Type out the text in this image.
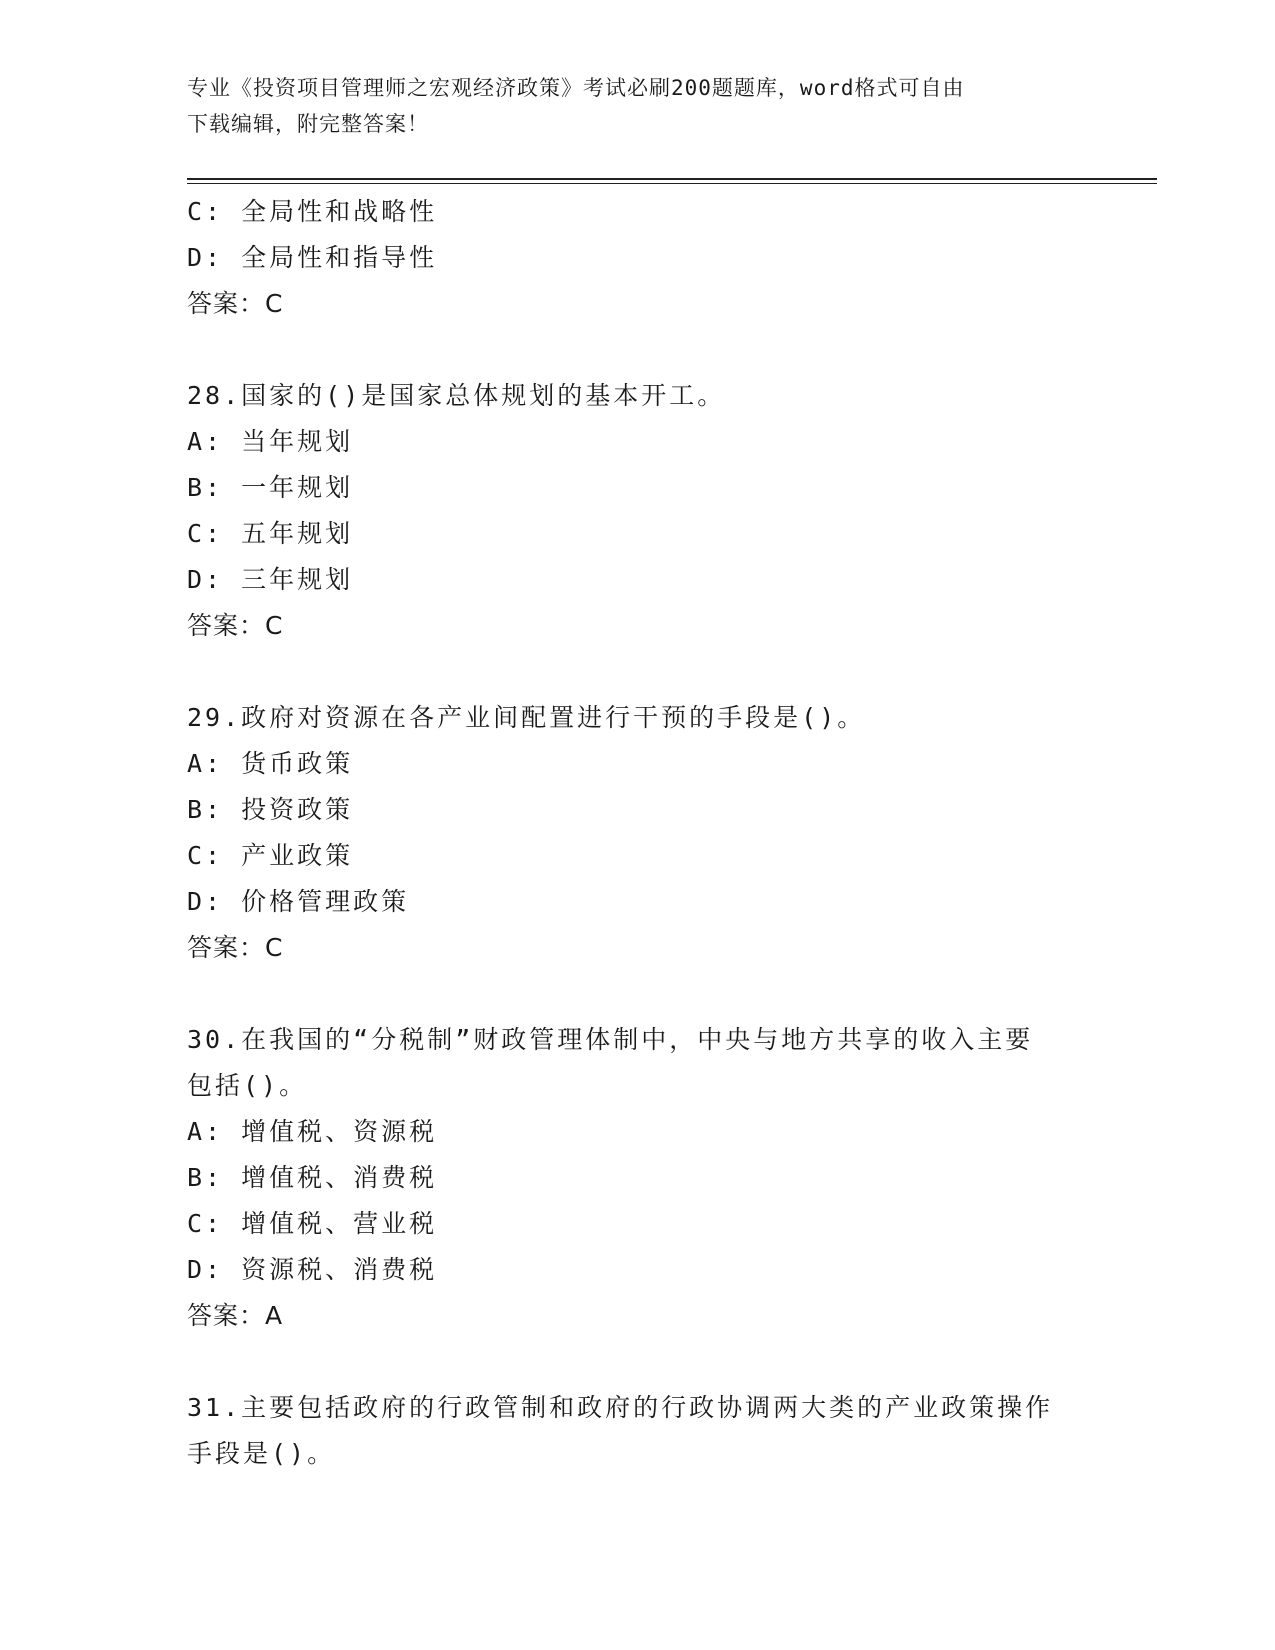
专业《投资项目管理师之宏观经济政策》考试必刷200题题库，word格式可自由
下载编辑，附完整答案！
C: 全局性和战略性
D: 全局性和指导性
答案：C
28.国家的()是国家总体规划的基本开工。
A: 当年规划
B: 一年规划
C: 五年规划
D: 三年规划
答案：C
29.政府对资源在各产业间配置进行干预的手段是()。
A: 货币政策
B: 投资政策
C: 产业政策
D: 价格管理政策
答案：C
30.在我国的“分税制”财政管理体制中，中央与地方共享的收入主要
包括()。
A: 增值税、资源税
B: 增值税、消费税
C: 增值税、营业税
D: 资源税、消费税
答案：A
31.主要包括政府的行政管制和政府的行政协调两大类的产业政策操作
手段是()。
